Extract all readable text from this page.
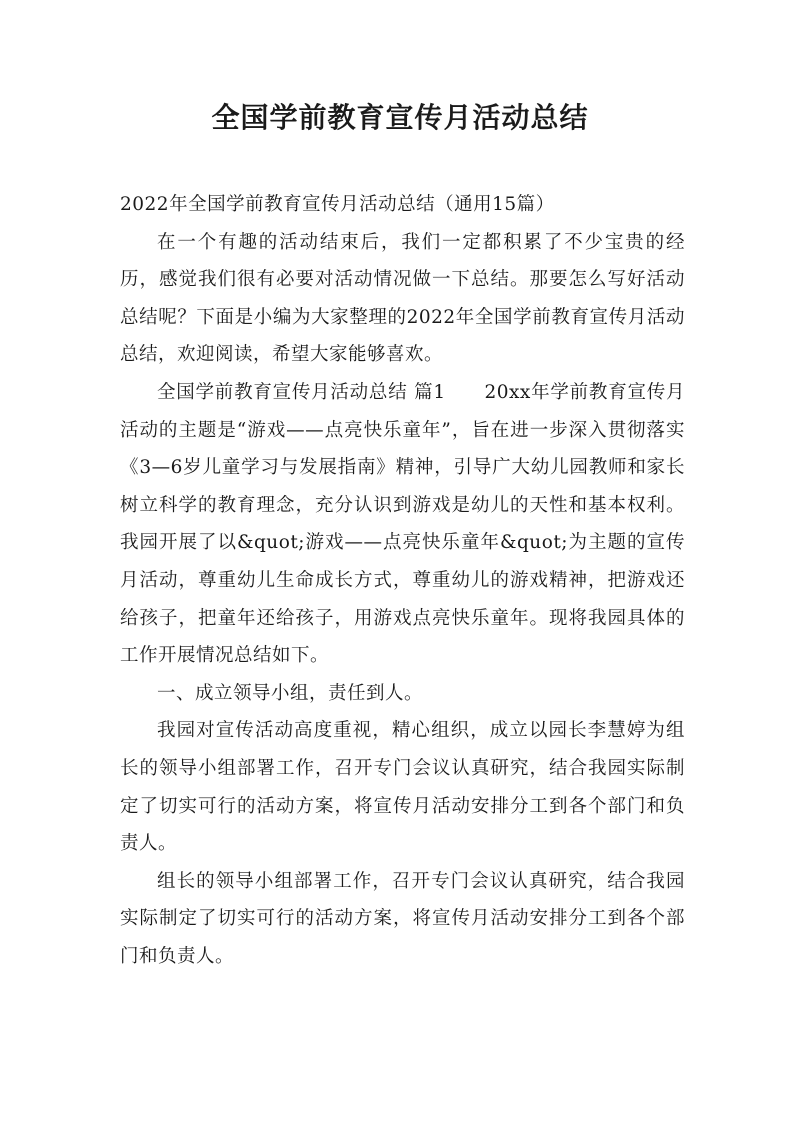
全国学前教育宣传月活动总结

2022年全国学前教育宣传月活动总结（通用15篇）

在一个有趣的活动结束后，我们一定都积累了不少宝贵的经历，感觉我们很有必要对活动情况做一下总结。那要怎么写好活动总结呢？下面是小编为大家整理的2022年全国学前教育宣传月活动总结，欢迎阅读，希望大家能够喜欢。

全国学前教育宣传月活动总结 篇1　　20xx年学前教育宣传月活动的主题是“游戏——点亮快乐童年”，旨在进一步深入贯彻落实《3—6岁儿童学习与发展指南》精神，引导广大幼儿园教师和家长树立科学的教育理念，充分认识到游戏是幼儿的天性和基本权利。我园开展了以&quot;游戏——点亮快乐童年&quot;为主题的宣传月活动，尊重幼儿生命成长方式，尊重幼儿的游戏精神，把游戏还给孩子，把童年还给孩子，用游戏点亮快乐童年。现将我园具体的工作开展情况总结如下。

一、成立领导小组，责任到人。

我园对宣传活动高度重视，精心组织，成立以园长李慧婷为组长的领导小组部署工作，召开专门会议认真研究，结合我园实际制定了切实可行的活动方案，将宣传月活动安排分工到各个部门和负责人。

组长的领导小组部署工作，召开专门会议认真研究，结合我园实际制定了切实可行的活动方案，将宣传月活动安排分工到各个部门和负责人。
